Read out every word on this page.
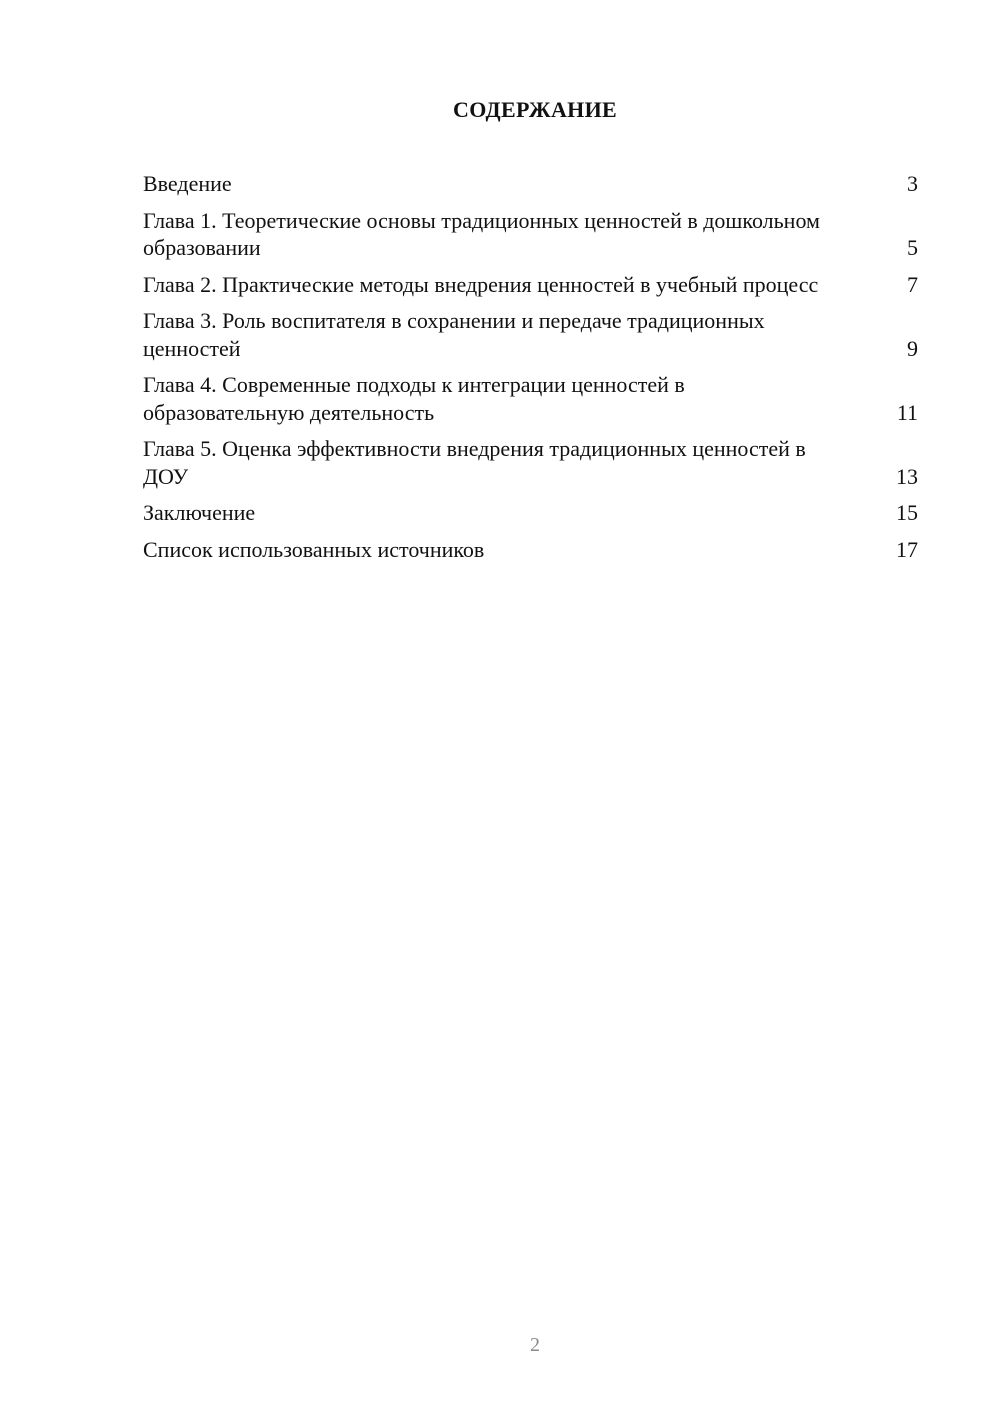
СОДЕРЖАНИЕ
Введение	3
Глава 1. Теоретические основы традиционных ценностей в дошкольном образовании	5
Глава 2. Практические методы внедрения ценностей в учебный процесс	7
Глава 3. Роль воспитателя в сохранении и передаче традиционных ценностей	9
Глава 4. Современные подходы к интеграции ценностей в образовательную деятельность	11
Глава 5. Оценка эффективности внедрения традиционных ценностей в ДОУ	13
Заключение	15
Список использованных источников	17
2
